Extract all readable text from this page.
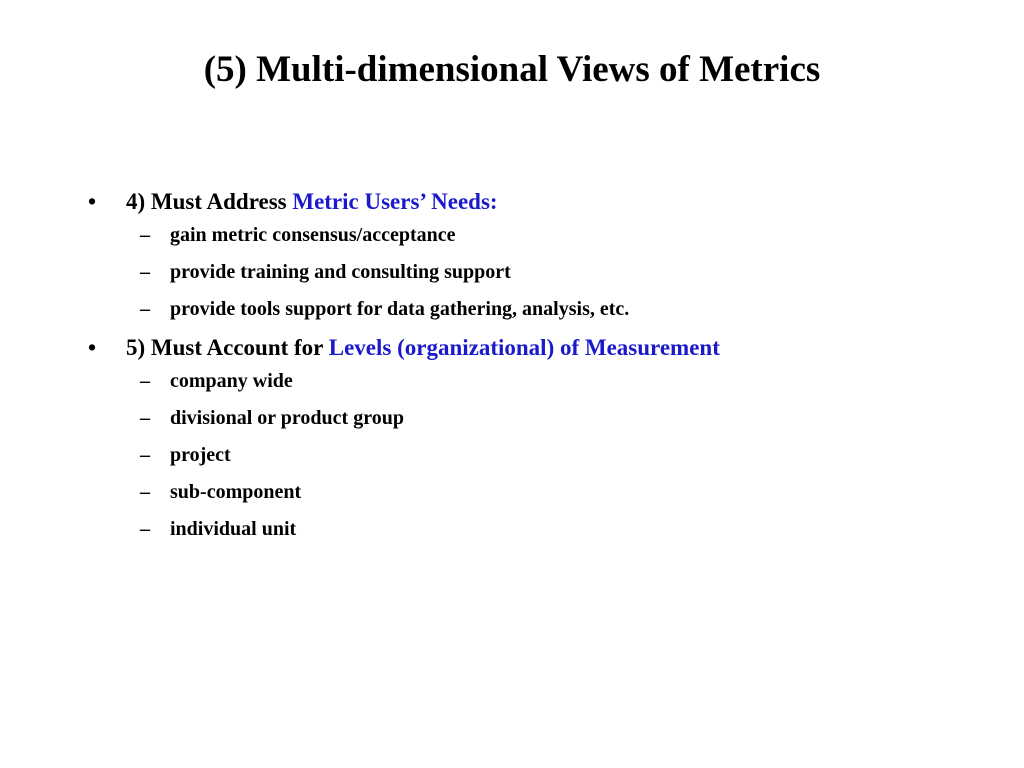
(5) Multi-dimensional Views of Metrics

• 4) Must Address Metric Users’ Needs:

– gain metric consensus/acceptance

– provide training and consulting support

– provide tools support for data gathering, analysis, etc.

• 5) Must Account for Levels (organizational) of Measurement

– company wide

– divisional or product group

– project

– sub-component

– individual unit
